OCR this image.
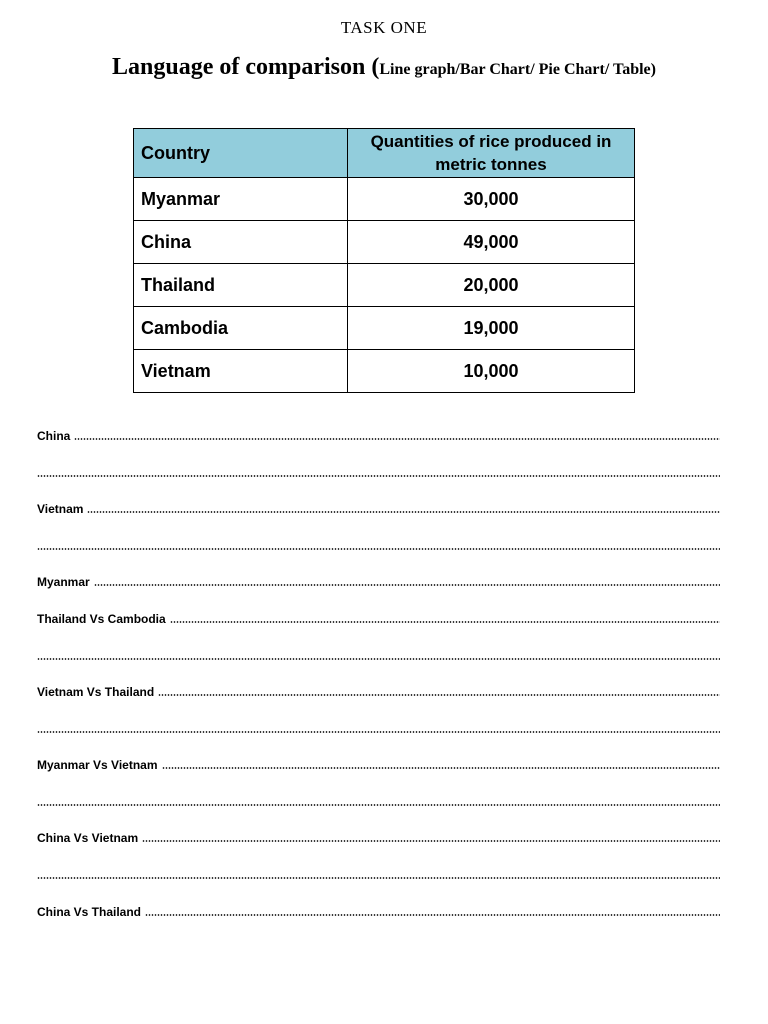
TASK ONE
Language of comparison (Line graph/Bar Chart/ Pie Chart/ Table)
Country	Quantities of rice produced in metric tonnes
Myanmar	30,000
China	49,000
Thailand	20,000
Cambodia	19,000
Vietnam	10,000
China
Vietnam
Myanmar
Thailand Vs Cambodia
Vietnam Vs Thailand
Myanmar Vs Vietnam
China Vs Vietnam
China Vs Thailand
